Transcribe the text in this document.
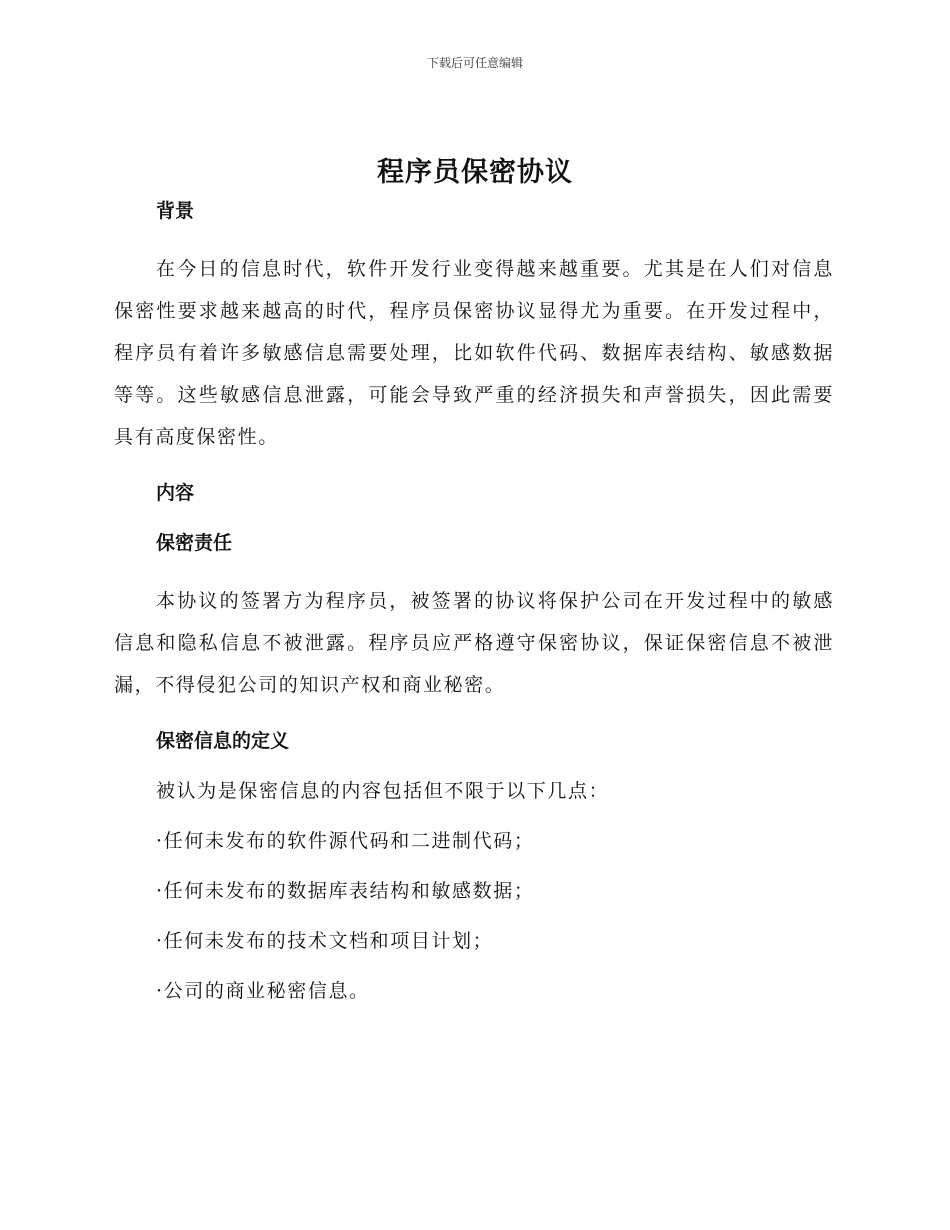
下载后可任意编辑
程序员保密协议

背景

在今日的信息时代，软件开发行业变得越来越重要。尤其是在人们对信息保密性要求越来越高的时代，程序员保密协议显得尤为重要。在开发过程中，程序员有着许多敏感信息需要处理，比如软件代码、数据库表结构、敏感数据等等。这些敏感信息泄露，可能会导致严重的经济损失和声誉损失，因此需要具有高度保密性。

内容

保密责任

本协议的签署方为程序员，被签署的协议将保护公司在开发过程中的敏感信息和隐私信息不被泄露。程序员应严格遵守保密协议，保证保密信息不被泄漏，不得侵犯公司的知识产权和商业秘密。

保密信息的定义

被认为是保密信息的内容包括但不限于以下几点：

·任何未发布的软件源代码和二进制代码；

·任何未发布的数据库表结构和敏感数据；

·任何未发布的技术文档和项目计划；

·公司的商业秘密信息。
